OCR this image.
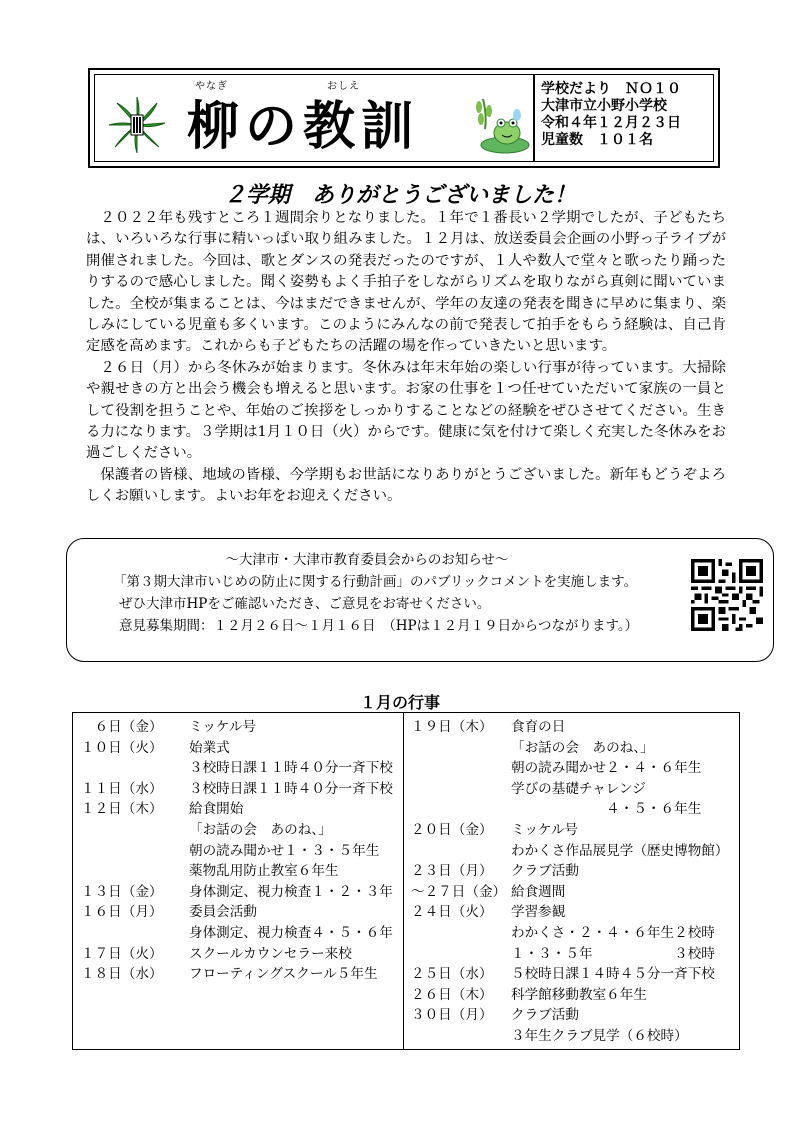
やなぎ	おしえ
柳の教訓
学校だより　ＮＯ１０
大津市立小野小学校
令和４年１２月２３日
児童数　１０１名
２学期　ありがとうございました！

２０２２年も残すところ１週間余りとなりました。１年で１番長い２学期でしたが、子どもたちは、いろいろな行事に精いっぱい取り組みました。１２月は、放送委員会企画の小野っ子ライブが開催されました。今回は、歌とダンスの発表だったのですが、１人や数人で堂々と歌ったり踊ったりするので感心しました。聞く姿勢もよく手拍子をしながらリズムを取りながら真剣に聞いていました。全校が集まることは、今はまだできませんが、学年の友達の発表を聞きに早めに集まり、楽しみにしている児童も多くいます。このようにみんなの前で発表して拍手をもらう経験は、自己肯定感を高めます。これからも子どもたちの活躍の場を作っていきたいと思います。

２６日（月）から冬休みが始まります。冬休みは年末年始の楽しい行事が待っています。大掃除や親せきの方と出会う機会も増えると思います。お家の仕事を１つ任せていただいて家族の一員として役割を担うことや、年始のご挨拶をしっかりすることなどの経験をぜひさせてください。生きる力になります。３学期は1月１０日（火）からです。健康に気を付けて楽しく充実した冬休みをお過ごしください。

保護者の皆様、地域の皆様、今学期もお世話になりありがとうございました。新年もどうぞよろしくお願いします。よいお年をお迎えください。

～大津市・大津市教育委員会からのお知らせ～
「第３期大津市いじめの防止に関する行動計画」のパブリックコメントを実施します。
ぜひ大津市HPをご確認いただき、ご意見をお寄せください。
意見募集期間：１２月２６日～１月１６日　（HPは１２月１９日からつながります。）
１月の行事
　６日（金） ミッケル号
１０日（火） 始業式
３校時日課１１時４０分一斉下校
１１日（水） ３校時日課１１時４０分一斉下校
１２日（木） 給食開始
「お話の会　あのね、」
朝の読み聞かせ１・３・５年生
薬物乱用防止教室６年生
１３日（金） 身体測定、視力検査１・２・３年
１６日（月） 委員会活動
身体測定、視力検査４・５・６年
１７日（火） スクールカウンセラー来校
１８日（水） フローティングスクール５年生
１９日（木） 食育の日
「お話の会　あのね、」
朝の読み聞かせ２・４・６年生
学びの基礎チャレンジ
　　　　　　　４・５・６年生
２０日（金） ミッケル号
わかくさ作品展見学（歴史博物館）
２３日（月） クラブ活動
～２７日（金） 給食週間
２４日（火） 学習参観
わかくさ・２・４・６年生２校時
１・３・５年　　　　　　３校時
２５日（水） ５校時日課１４時４５分一斉下校
２６日（木） 科学館移動教室６年生
３０日（月） クラブ活動
３年生クラブ見学（６校時）
